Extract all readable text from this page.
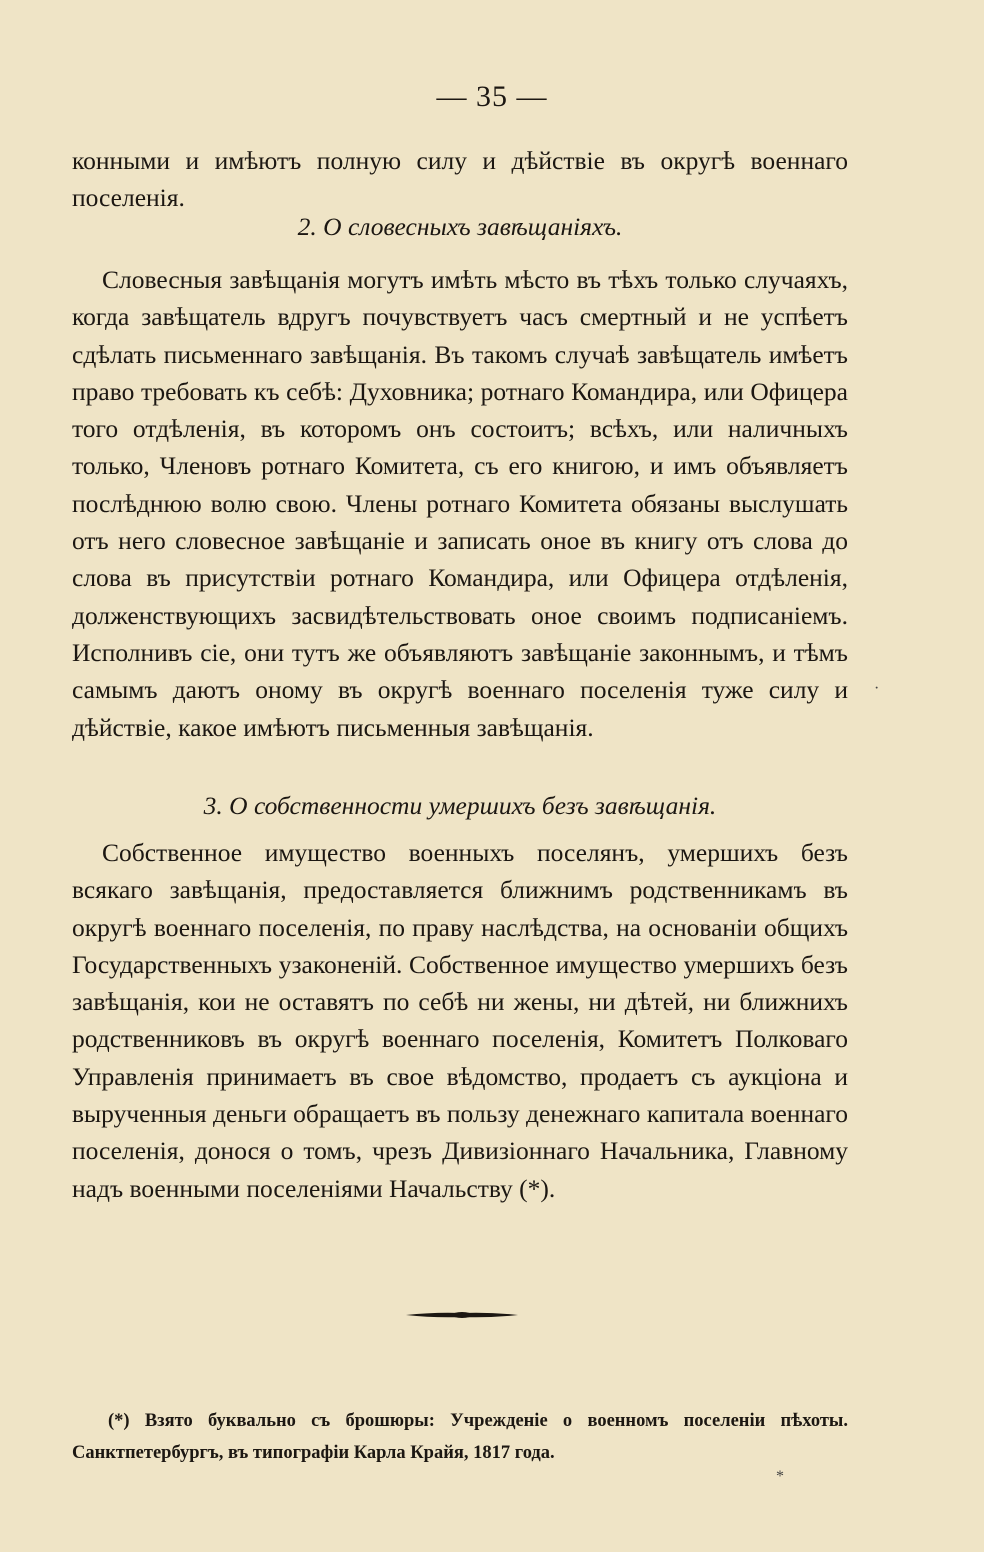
— 35 —

конными и имѣютъ полную силу и дѣйствіе въ округѣ военнаго поселенія.

2. О словесныхъ завѣщаніяхъ.

Словесныя завѣщанія могутъ имѣть мѣсто въ тѣхъ только случаяхъ, когда завѣщатель вдругъ почувствуетъ часъ смертный и не успѣетъ сдѣлать письменнаго завѣщанія. Въ такомъ случаѣ завѣщатель имѣетъ право требовать къ себѣ: Духовника; ротнаго Командира, или Офицера того отдѣленія, въ которомъ онъ состоитъ; всѣхъ, или наличныхъ только, Членовъ ротнаго Комитета, съ его книгою, и имъ объявляетъ послѣднюю волю свою. Члены ротнаго Комитета обязаны выслушать отъ него словесное завѣщаніе и записать оное въ книгу отъ слова до слова въ присутствіи ротнаго Командира, или Офицера отдѣленія, долженствующихъ засвидѣтельствовать оное своимъ подписаніемъ. Исполнивъ сіе, они тутъ же объявляютъ завѣщаніе законнымъ, и тѣмъ самымъ даютъ оному въ округѣ военнаго поселенія туже силу и дѣйствіе, какое имѣютъ письменныя завѣщанія.

3. О собственности умершихъ безъ завѣщанія.

Собственное имущество военныхъ поселянъ, умершихъ безъ всякаго завѣщанія, предоставляется ближнимъ родственникамъ въ округѣ военнаго поселенія, по праву наслѣдства, на основаніи общихъ Государственныхъ узаконеній. Собственное имущество умершихъ безъ завѣщанія, кои не оставятъ по себѣ ни жены, ни дѣтей, ни ближнихъ родственниковъ въ округѣ военнаго поселенія, Комитетъ Полковаго Управленія принимаетъ въ свое вѣдомство, продаетъ съ аукціона и вырученныя деньги обращаетъ въ пользу денежнаго капитала военнаго поселенія, донося о томъ, чрезъ Дивизіоннаго Начальника, Главному надъ военными поселеніями Начальству (*).

(*) Взято буквально съ брошюры: Учрежденіе о военномъ поселеніи пѣхоты. Санктпетербургъ, въ типографіи Карла Крайя, 1817 года.

*
·
